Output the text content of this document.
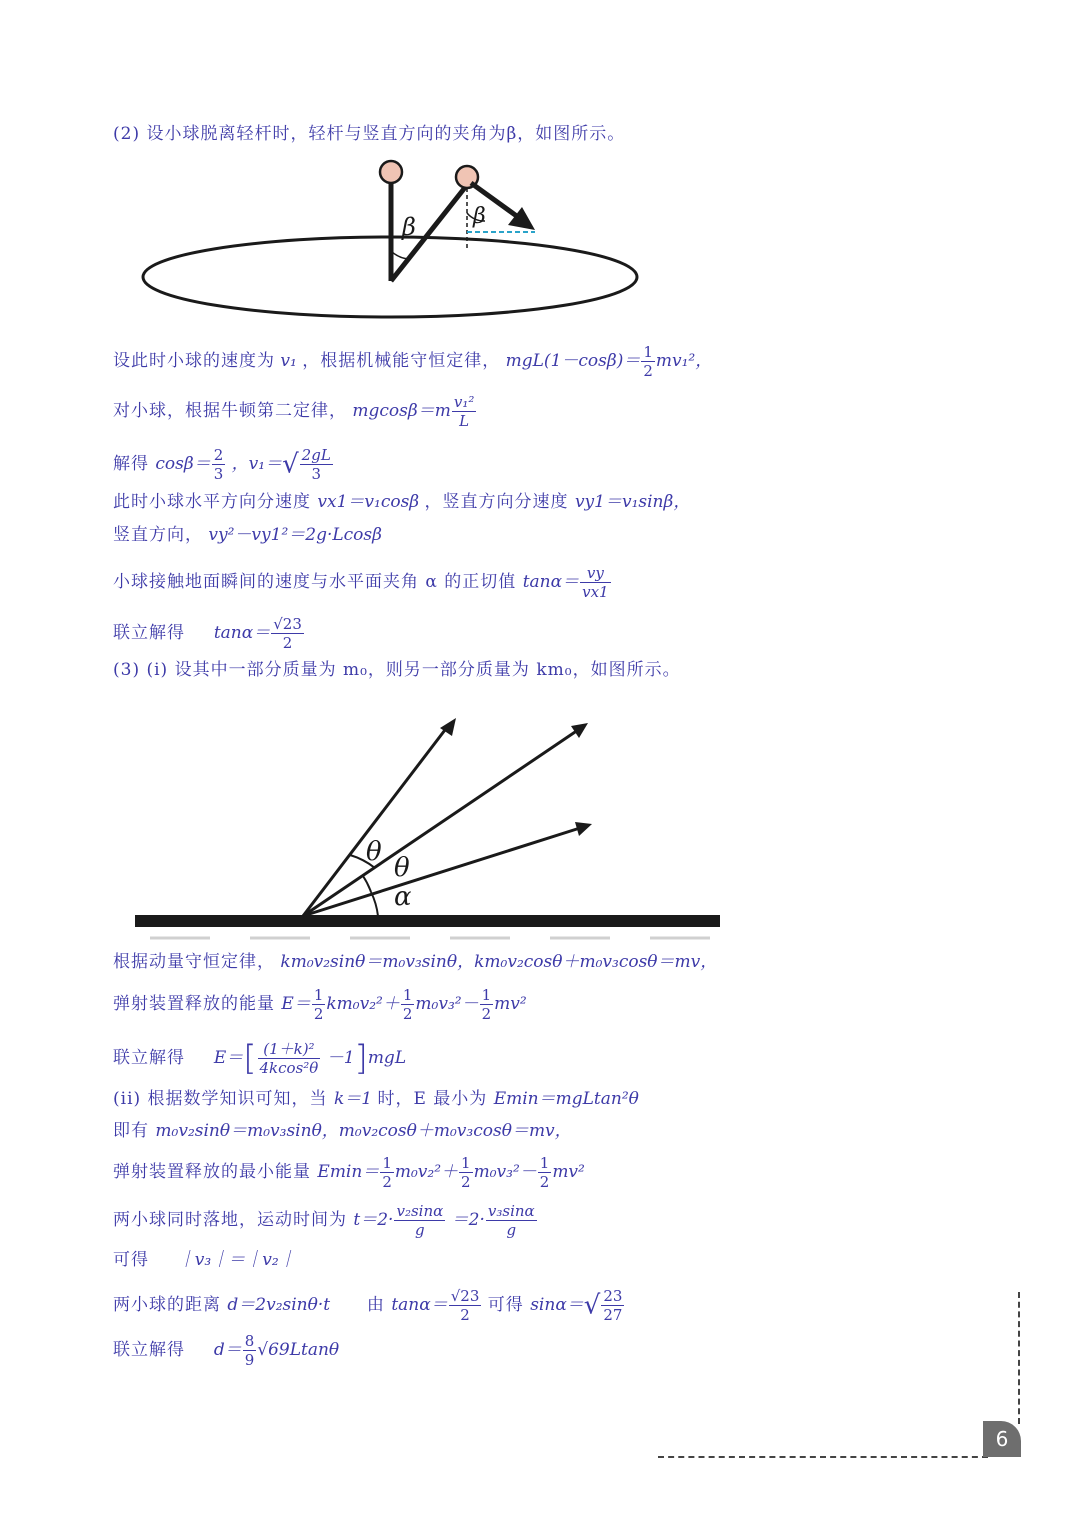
(2) 设小球脱离轻杆时，轻杆与竖直方向的夹角为β，如图所示。
β	β
设此时小球的速度为 v₁ ，根据机械能守恒定律， $mgL(1-\cos\beta)= \frac{1}{2} mv_1^2$，
对小球，根据牛顿第二定律， $mgcos\beta=m \frac{\text{v₁²}}{L}$
解得 $\cos\beta= \frac{2}{3}$ ，$v_1=√ \frac{2gL}{3}$
此时小球水平方向分速度 vx1＝v₁cosβ ，竖直方向分速度 vy1＝v₁sinβ，
竖直方向， vy²－vy1²＝2g·Lcosβ
小球接触地面瞬间的速度与水平面夹角 α 的正切值 $\tan\alpha= \frac{vy}{vx1}$
联立解得 $\tan\alpha= \frac{√23}{2}$
(3) (i) 设其中一部分质量为 m₀，则另一部分质量为 km₀，如图所示。
θ
θ
α
根据动量守恒定律， km₀v₂sinθ＝m₀v₃sinθ，km₀v₂cosθ＋m₀v₃cosθ＝mv，
弹射装置释放的能量 $E= \frac{1}{2} km_0v_2^2+ \frac{1}{2} m_0v_3^2- \frac{1}{2} mv^2$
联立解得 $E=[ \frac{\text{(1＋k)²}}{\text{4kcos²θ}} -1]mgL$
(ii) 根据数学知识可知，当 k＝1 时，E 最小为 Emin＝mgLtan²θ
即有 m₀v₂sinθ＝m₀v₃sinθ，m₀v₂cosθ＋m₀v₃cosθ＝mv，
弹射装置释放的最小能量 $Emin= \frac{1}{2} m_0v_2^2+ \frac{1}{2} m_0v_3^2- \frac{1}{2} mv^2$
两小球同时落地，运动时间为 $t=2\cdot \frac{\text{v₂sinα}}{g} =2\cdot \frac{\text{v₃sinα}}{g}$
可得 ｜v₃｜＝｜v₂｜
两小球的距离 d＝2v₂sinθ·t 由 $\tan\alpha= \frac{√23}{2}$ 可得 $\sin\alpha=√ \frac{23}{27}$
联立解得 $d= \frac{8}{9} √69Ltan\theta$
6
